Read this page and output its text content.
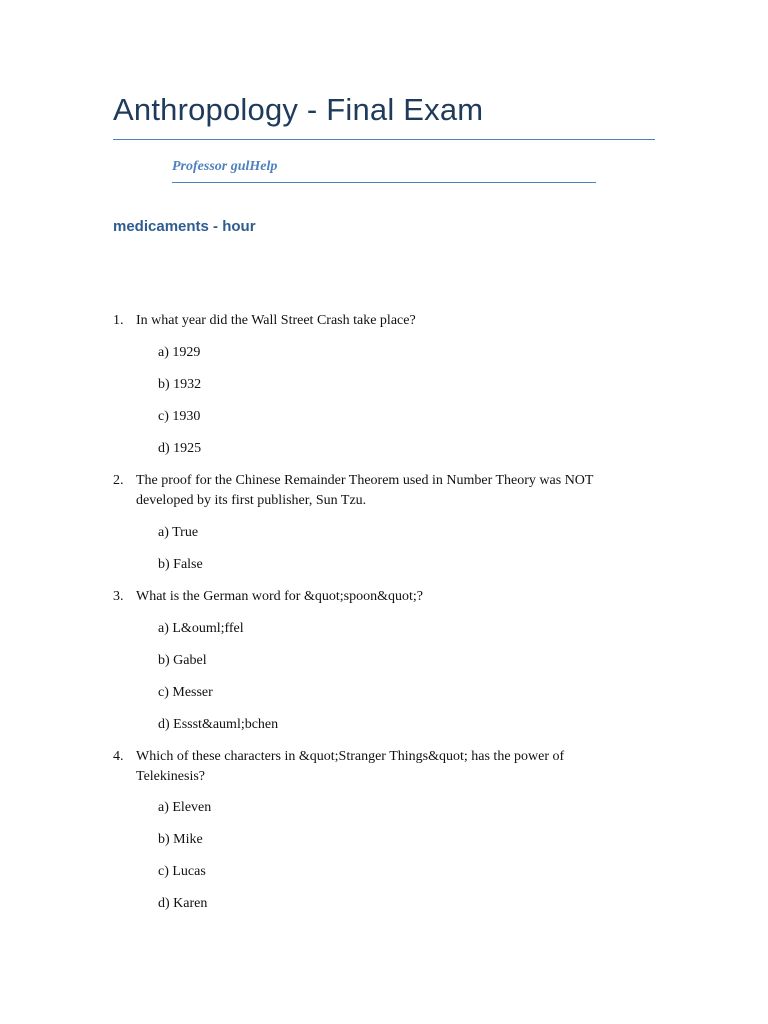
Anthropology - Final Exam
Professor gulHelp
medicaments - hour
1. In what year did the Wall Street Crash take place?
a) 1929
b) 1932
c) 1930
d) 1925
2. The proof for the Chinese Remainder Theorem used in Number Theory was NOT developed by its first publisher, Sun Tzu.
a) True
b) False
3. What is the German word for &quot;spoon&quot;?
a) L&ouml;ffel
b) Gabel
c) Messer
d) Essst&auml;bchen
4. Which of these characters in &quot;Stranger Things&quot; has the power of Telekinesis?
a) Eleven
b) Mike
c) Lucas
d) Karen
